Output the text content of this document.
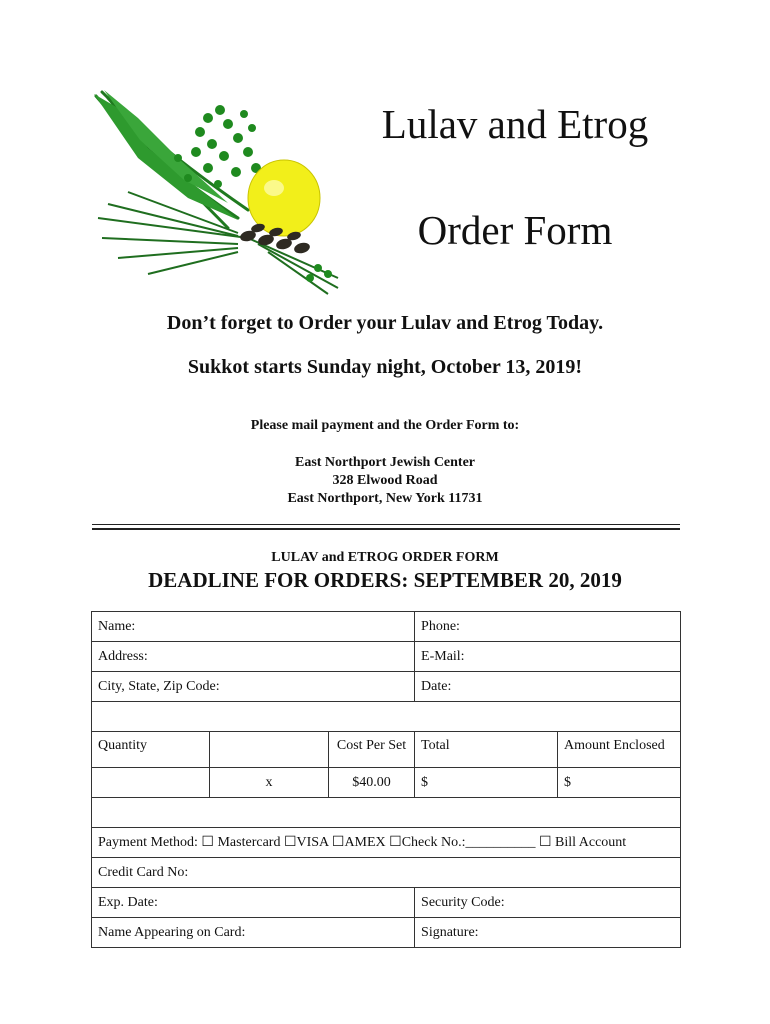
Lulav and Etrog
Order Form
Don’t forget to Order your Lulav and Etrog Today.
Sukkot starts Sunday night, October 13, 2019!
Please mail payment and the Order Form to:
East Northport Jewish Center
328 Elwood Road
East Northport, New York 11731
LULAV and ETROG ORDER FORM
DEADLINE FOR ORDERS: SEPTEMBER 20, 2019
Name:			Phone:	
Address:			E-Mail:	
City, State, Zip Code:			Date:	

Quantity		Cost Per Set	Total	Amount Enclosed
	x	$40.00	$	$

Payment Method: ☐ Mastercard ☐VISA ☐AMEX ☐Check No.:__________ ☐ Bill Account				
Credit Card No:				
Exp. Date:			Security Code:	
Name Appearing on Card:			Signature:	
